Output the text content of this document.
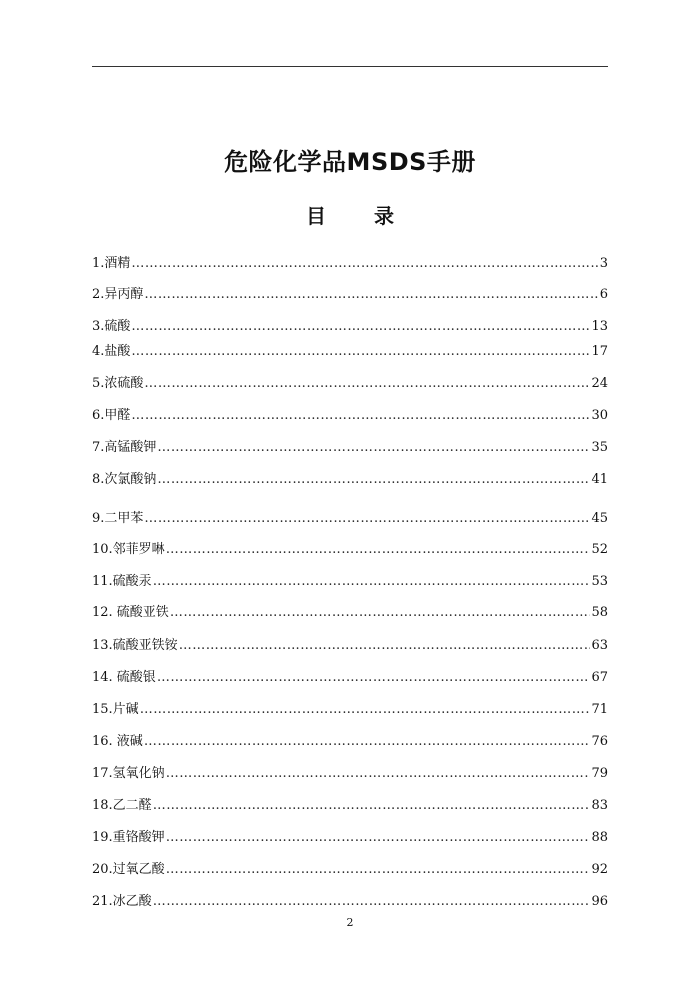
危险化学品MSDS手册
目 录
1.酒精 ……………………………………………………………………………………………………………………………………………………………………………………………………………………………………	3
2.异丙醇 ……………………………………………………………………………………………………………………………………………………………………………………………………………………………………	6
3.硫酸 ……………………………………………………………………………………………………………………………………………………………………………………………………………………………………	13
4.盐酸 ……………………………………………………………………………………………………………………………………………………………………………………………………………………………………	17
5.浓硫酸 ……………………………………………………………………………………………………………………………………………………………………………………………………………………………………	24
6.甲醛 ……………………………………………………………………………………………………………………………………………………………………………………………………………………………………	30
7.高锰酸钾 ……………………………………………………………………………………………………………………………………………………………………………………………………………………………………	35
8.次氯酸钠 ……………………………………………………………………………………………………………………………………………………………………………………………………………………………………	41
9.二甲苯 ……………………………………………………………………………………………………………………………………………………………………………………………………………………………………	45
10.邻菲罗啉 ……………………………………………………………………………………………………………………………………………………………………………………………………………………………………	52
11.硫酸汞 ……………………………………………………………………………………………………………………………………………………………………………………………………………………………………	53
12. 硫酸亚铁 ……………………………………………………………………………………………………………………………………………………………………………………………………………………………………	58
13.硫酸亚铁铵 ……………………………………………………………………………………………………………………………………………………………………………………………………………………………………	63
14. 硫酸银 ……………………………………………………………………………………………………………………………………………………………………………………………………………………………………	67
15.片碱 ……………………………………………………………………………………………………………………………………………………………………………………………………………………………………	71
16. 液碱 ……………………………………………………………………………………………………………………………………………………………………………………………………………………………………	76
17.氢氧化钠 ……………………………………………………………………………………………………………………………………………………………………………………………………………………………………	79
18.乙二醛 ……………………………………………………………………………………………………………………………………………………………………………………………………………………………………	83
19.重铬酸钾 ……………………………………………………………………………………………………………………………………………………………………………………………………………………………………	88
20.过氧乙酸 ……………………………………………………………………………………………………………………………………………………………………………………………………………………………………	92
21.冰乙酸 ……………………………………………………………………………………………………………………………………………………………………………………………………………………………………	96
2
